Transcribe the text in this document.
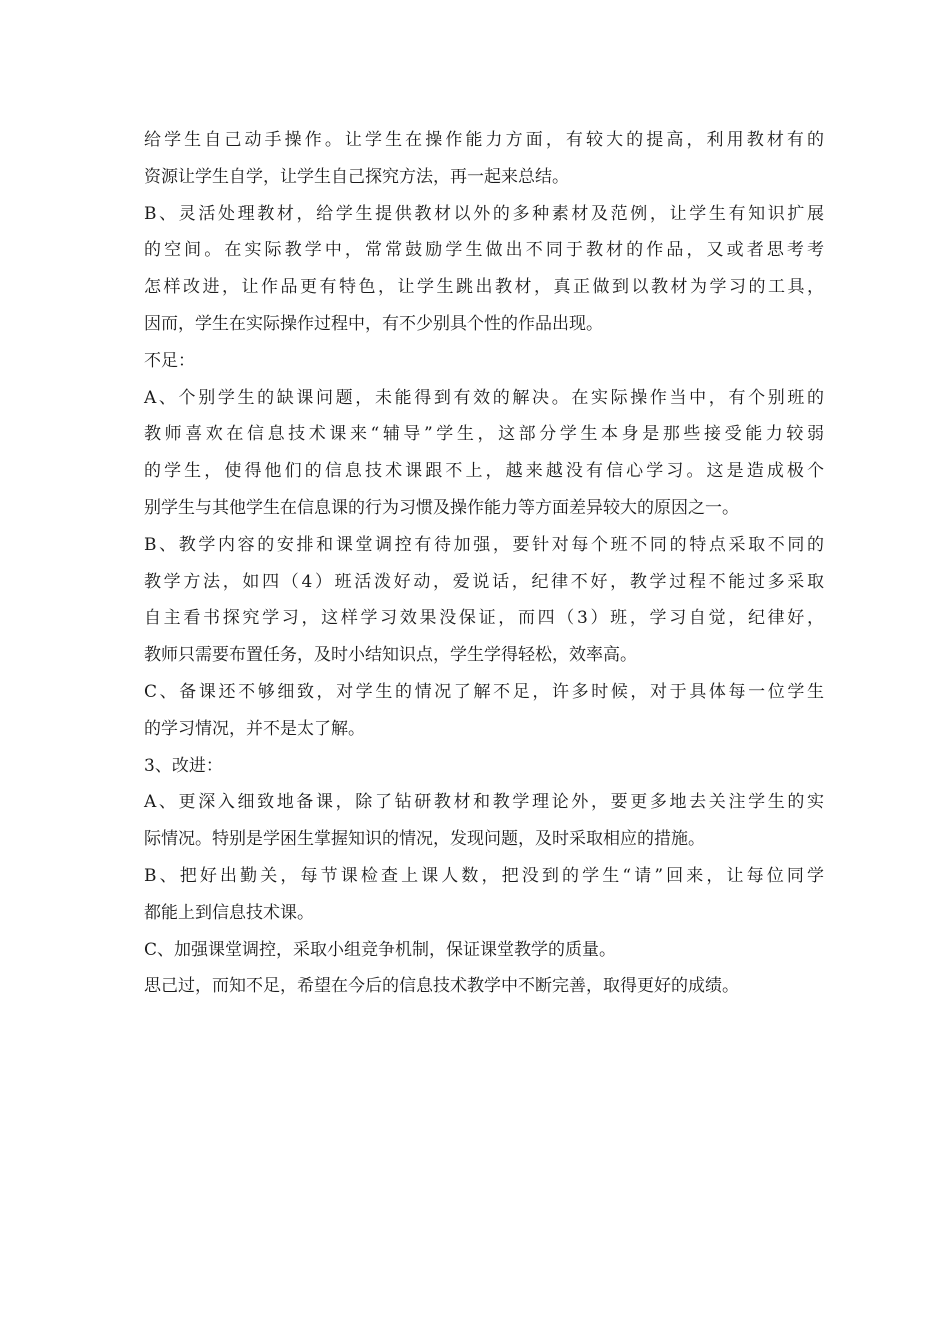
给学生自己动手操作。让学生在操作能力方面，有较大的提高，利用教材有的
资源让学生自学，让学生自己探究方法，再一起来总结。
B、灵活处理教材，给学生提供教材以外的多种素材及范例，让学生有知识扩展
的空间。在实际教学中，常常鼓励学生做出不同于教材的作品，又或者思考考
怎样改进，让作品更有特色，让学生跳出教材，真正做到以教材为学习的工具，
因而，学生在实际操作过程中，有不少别具个性的作品出现。
不足：
A、个别学生的缺课问题，未能得到有效的解决。在实际操作当中，有个别班的
教师喜欢在信息技术课来“辅导”学生，这部分学生本身是那些接受能力较弱
的学生，使得他们的信息技术课跟不上，越来越没有信心学习。这是造成极个
别学生与其他学生在信息课的行为习惯及操作能力等方面差异较大的原因之一。
B、教学内容的安排和课堂调控有待加强，要针对每个班不同的特点采取不同的
教学方法，如四（4）班活泼好动，爱说话，纪律不好，教学过程不能过多采取
自主看书探究学习，这样学习效果没保证，而四（3）班，学习自觉，纪律好，
教师只需要布置任务，及时小结知识点，学生学得轻松，效率高。
C、备课还不够细致，对学生的情况了解不足，许多时候，对于具体每一位学生
的学习情况，并不是太了解。
3、改进：
A、更深入细致地备课，除了钻研教材和教学理论外，要更多地去关注学生的实
际情况。特别是学困生掌握知识的情况，发现问题，及时采取相应的措施。
B、把好出勤关，每节课检查上课人数，把没到的学生“请”回来，让每位同学
都能上到信息技术课。
C、加强课堂调控，采取小组竞争机制，保证课堂教学的质量。
思己过，而知不足，希望在今后的信息技术教学中不断完善，取得更好的成绩。
